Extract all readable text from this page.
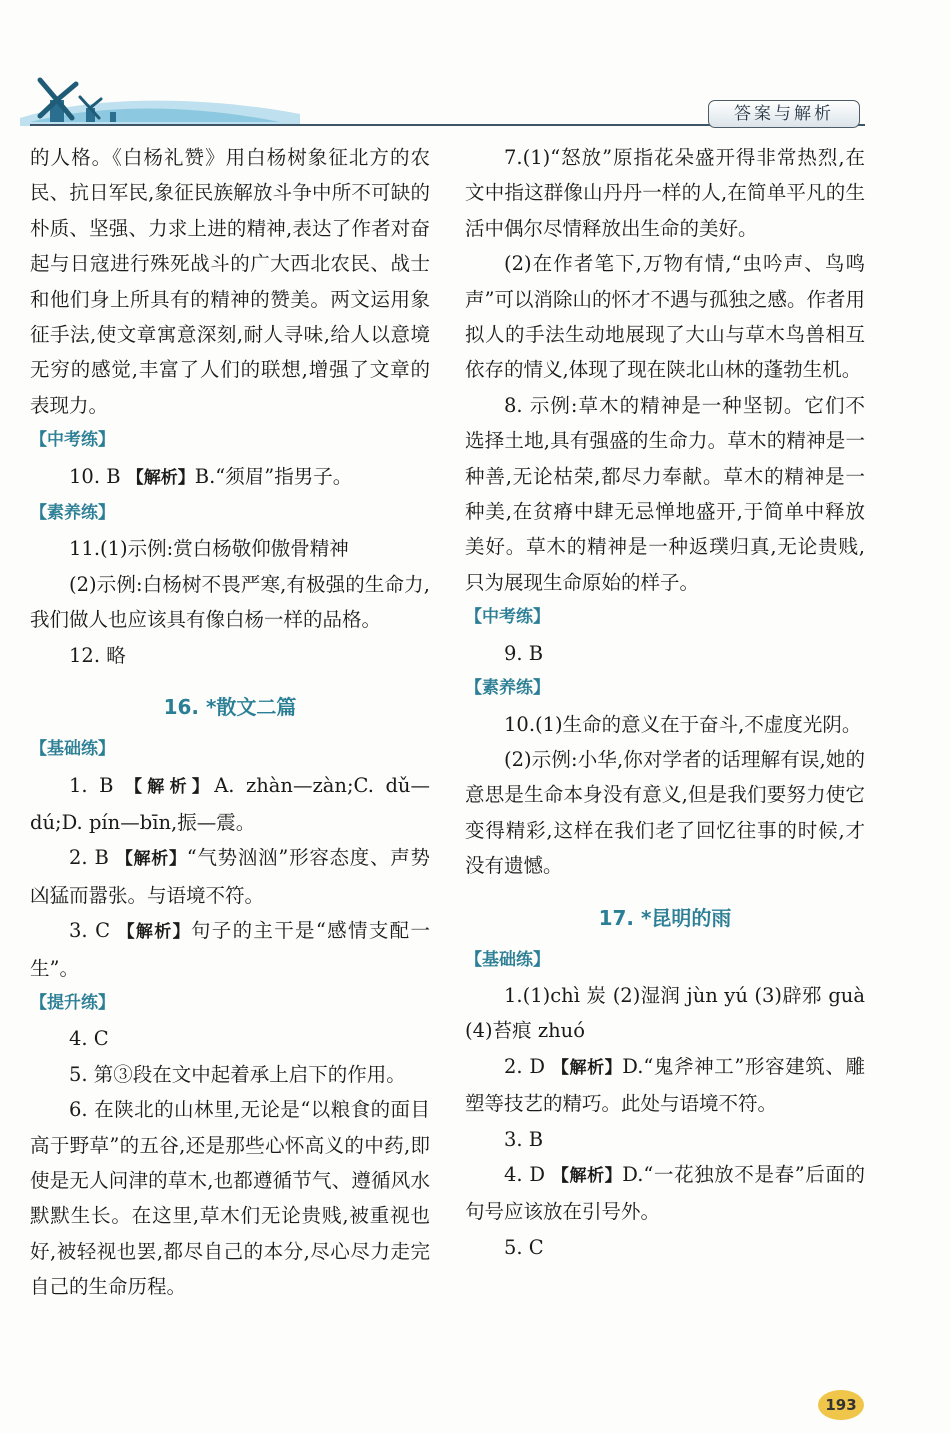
答案与解析

的人格。《白杨礼赞》用白杨树象征北方的农民、抗日军民,象征民族解放斗争中所不可缺的朴质、坚强、力求上进的精神,表达了作者对奋起与日寇进行殊死战斗的广大西北农民、战士和他们身上所具有的精神的赞美。两文运用象征手法,使文章寓意深刻,耐人寻味,给人以意境无穷的感觉,丰富了人们的联想,增强了文章的表现力。

【中考练】

10. B 【解析】B.“须眉”指男子。

【素养练】

11.(1)示例:赏白杨敬仰傲骨精神

(2)示例:白杨树不畏严寒,有极强的生命力,我们做人也应该具有像白杨一样的品格。

12. 略

16. *散文二篇

【基础练】

1. B 【解析】A. zhàn—zàn;C. dǔ—dú;D. pín—bīn,振—震。

2. B 【解析】“气势汹汹”形容态度、声势凶猛而嚣张。与语境不符。

3. C 【解析】句子的主干是“感情支配一生”。

【提升练】

4. C

5. 第③段在文中起着承上启下的作用。

6. 在陕北的山林里,无论是“以粮食的面目高于野草”的五谷,还是那些心怀高义的中药,即使是无人问津的草木,也都遵循节气、遵循风水默默生长。在这里,草木们无论贵贱,被重视也好,被轻视也罢,都尽自己的本分,尽心尽力走完自己的生命历程。

7.(1)“怒放”原指花朵盛开得非常热烈,在文中指这群像山丹丹一样的人,在简单平凡的生活中偶尔尽情释放出生命的美好。

(2)在作者笔下,万物有情,“虫吟声、鸟鸣声”可以消除山的怀才不遇与孤独之感。作者用拟人的手法生动地展现了大山与草木鸟兽相互依存的情义,体现了现在陕北山林的蓬勃生机。

8. 示例:草木的精神是一种坚韧。它们不选择土地,具有强盛的生命力。草木的精神是一种善,无论枯荣,都尽力奉献。草木的精神是一种美,在贫瘠中肆无忌惮地盛开,于简单中释放美好。草木的精神是一种返璞归真,无论贵贱,只为展现生命原始的样子。

【中考练】

9. B

【素养练】

10.(1)生命的意义在于奋斗,不虚度光阴。

(2)示例:小华,你对学者的话理解有误,她的意思是生命本身没有意义,但是我们要努力使它变得精彩,这样在我们老了回忆往事的时候,才没有遗憾。

17. *昆明的雨

【基础练】

1.(1)chì 炭 (2)湿润 jùn yú (3)辟邪 guà (4)苔痕 zhuó

2. D 【解析】D.“鬼斧神工”形容建筑、雕塑等技艺的精巧。此处与语境不符。

3. B

4. D 【解析】D.“一花独放不是春”后面的句号应该放在引号外。

5. C

193
